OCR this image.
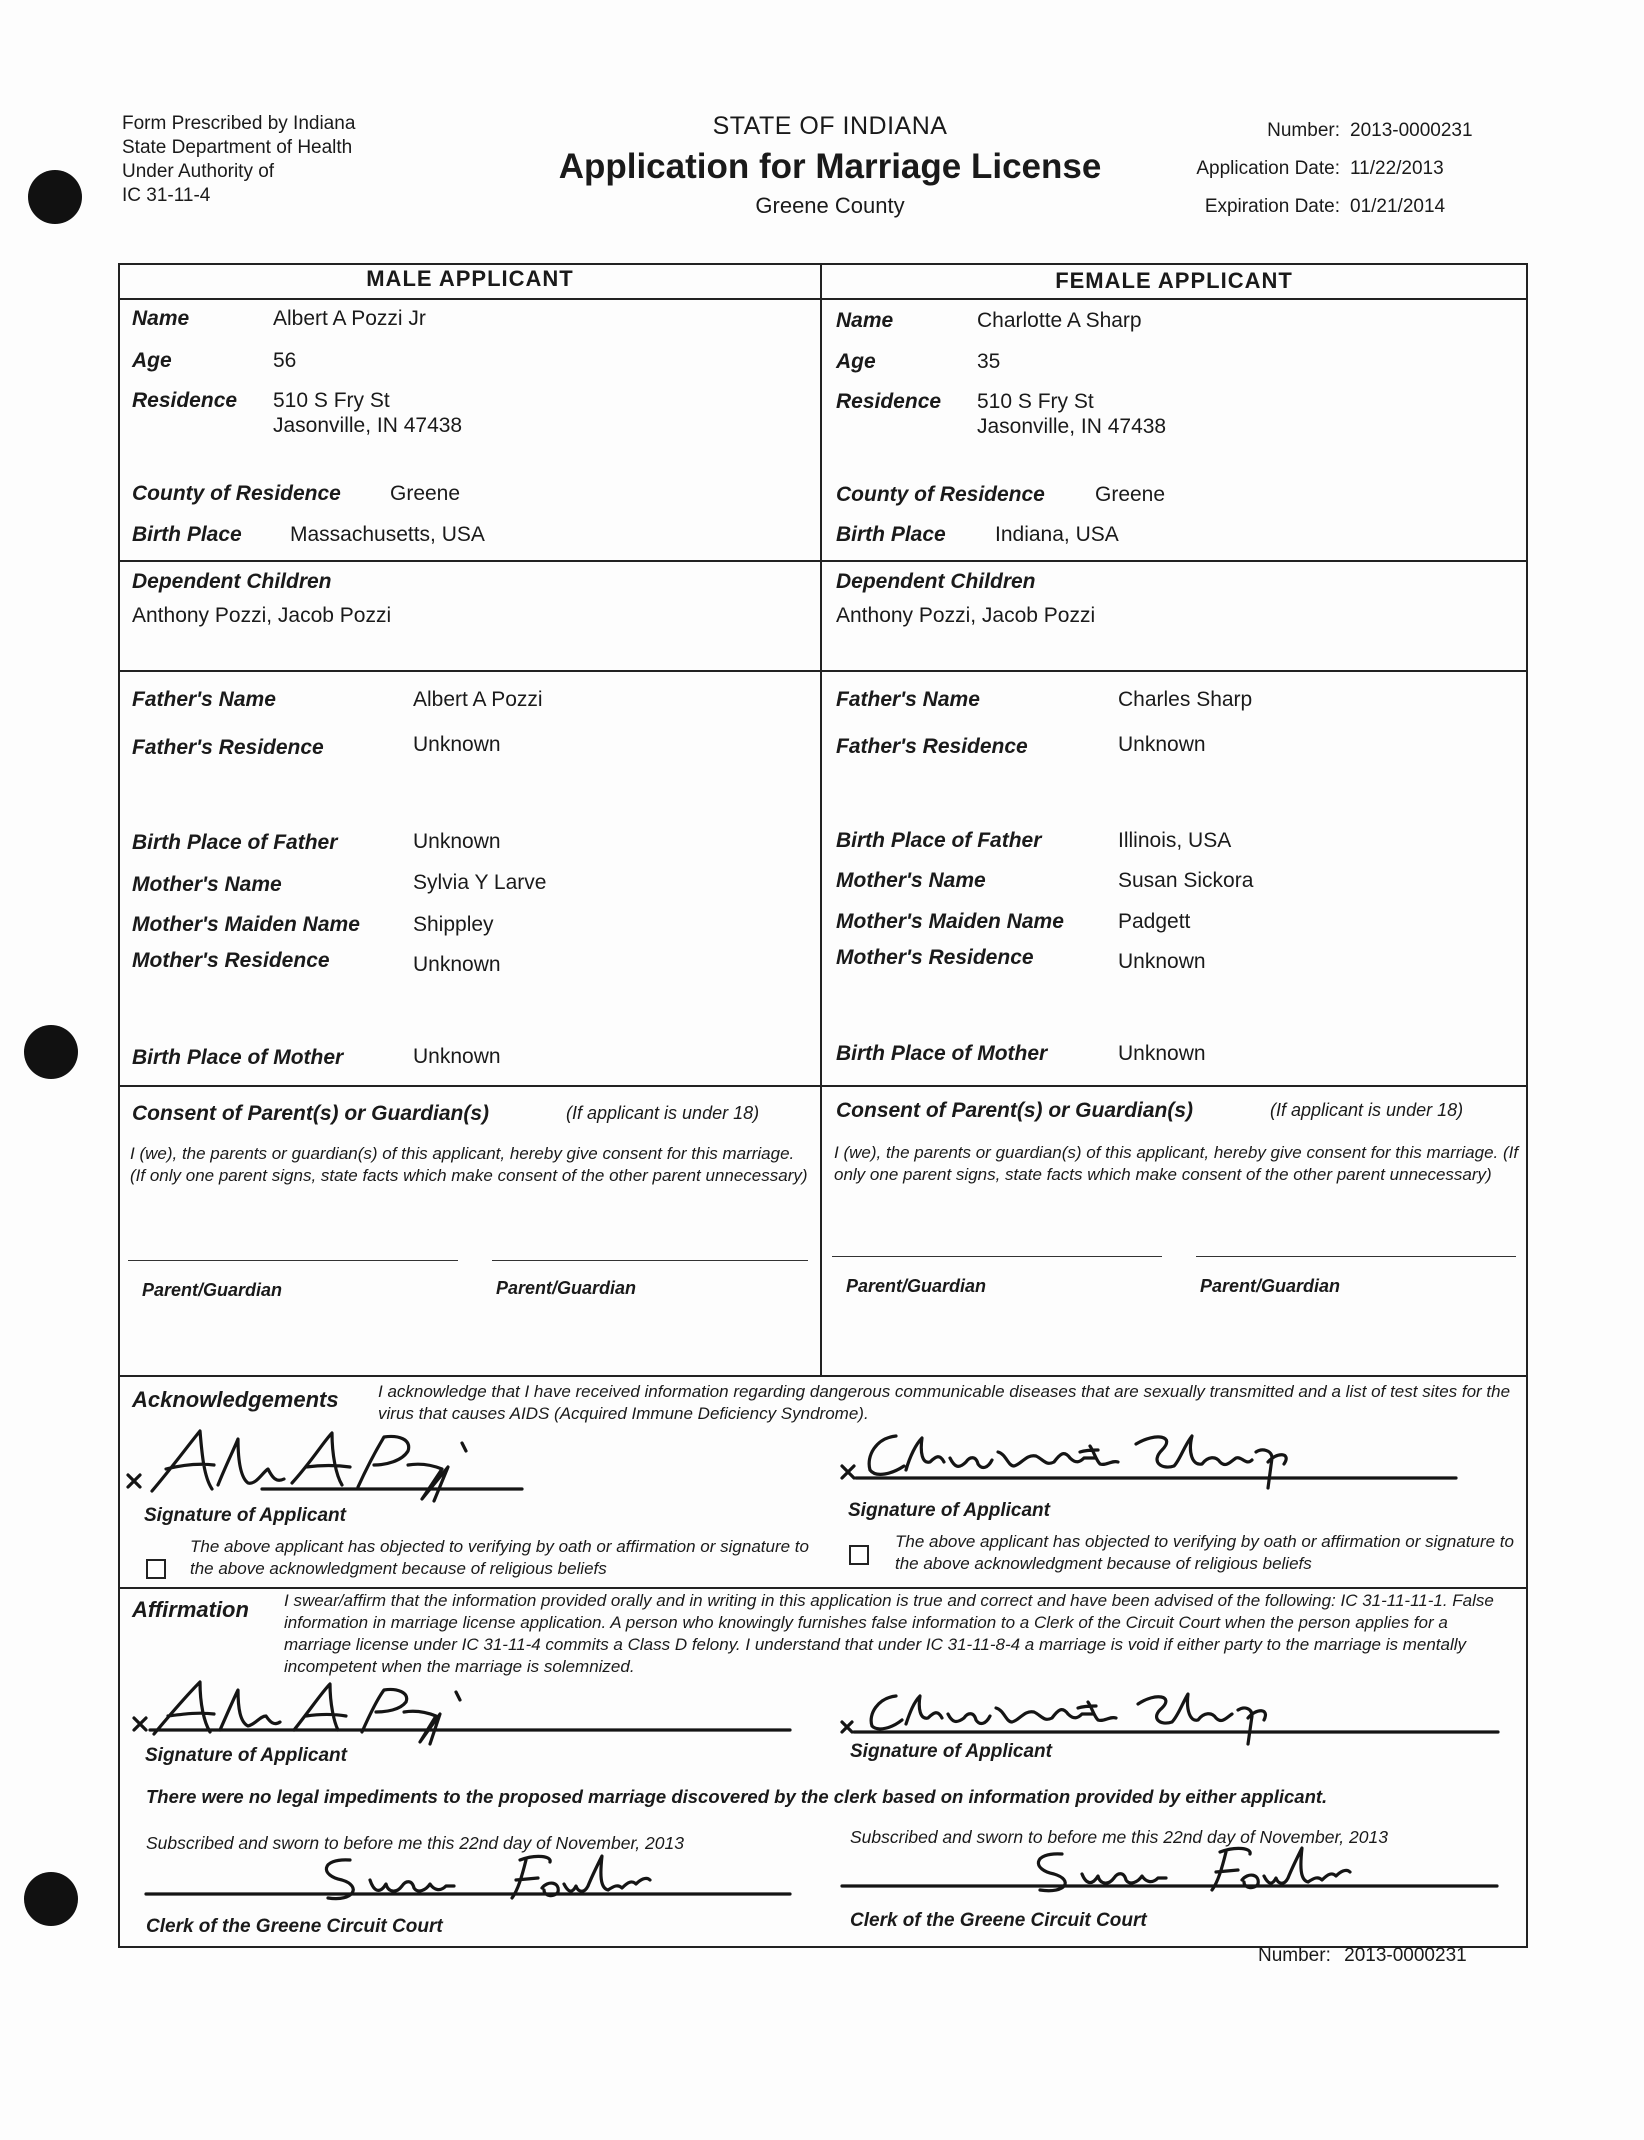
Form Prescribed by Indiana
State Department of Health
Under Authority of
IC 31-11-4
STATE OF INDIANA
Application for Marriage License
Greene County
Number: 2013-0000231
Application Date: 11/22/2013
Expiration Date: 01/21/2014
MALE APPLICANT	FEMALE APPLICANT
Name	Albert A Pozzi Jr
Age	56
Residence 510 S Fry St
Jasonville, IN 47438
County of Residence Greene
Birth Place Massachusetts, USA
Dependent Children
Anthony Pozzi, Jacob Pozzi
Father's Name	Albert A Pozzi
Father's Residence	Unknown
Birth Place of Father	Unknown
Mother's Name	Sylvia Y Larve
Mother's Maiden Name	Shippley
Mother's Residence	Unknown
Birth Place of Mother	Unknown
Name	Charlotte A Sharp
Age	35
Residence 510 S Fry St
Jasonville, IN 47438
County of Residence Greene
Birth Place Indiana, USA
Dependent Children
Anthony Pozzi, Jacob Pozzi
Father's Name	Charles Sharp
Father's Residence	Unknown
Birth Place of Father	Illinois, USA
Mother's Name	Susan Sickora
Mother's Maiden Name	Padgett
Mother's Residence	Unknown
Birth Place of Mother	Unknown
Consent of Parent(s) or Guardian(s)	(If applicant is under 18)
I (we), the parents or guardian(s) of this applicant, hereby give consent for this marriage. (If only one parent signs, state facts which make consent of the other parent unnecessary)
Parent/Guardian	Parent/Guardian
Consent of Parent(s) or Guardian(s)	(If applicant is under 18)
I (we), the parents or guardian(s) of this applicant, hereby give consent for this marriage. (If only one parent signs, state facts which make consent of the other parent unnecessary)
Parent/Guardian	Parent/Guardian
Acknowledgements I acknowledge that I have received information regarding dangerous communicable diseases that are sexually transmitted and a list of test sites for the virus that causes AIDS (Acquired Immune Deficiency Syndrome).
Signature of Applicant	Signature of Applicant
The above applicant has objected to verifying by oath or affirmation or signature to the above acknowledgment because of religious beliefs
The above applicant has objected to verifying by oath or affirmation or signature to the above acknowledgment because of religious beliefs
Affirmation I swear/affirm that the information provided orally and in writing in this application is true and correct and have been advised of the following: IC 31-11-11-1. False information in marriage license application. A person who knowingly furnishes false information to a Clerk of the Circuit Court when the person applies for a marriage license under IC 31-11-4 commits a Class D felony. I understand that under IC 31-11-8-4 a marriage is void if either party to the marriage is mentally incompetent when the marriage is solemnized.
Signature of Applicant	Signature of Applicant
There were no legal impediments to the proposed marriage discovered by the clerk based on information provided by either applicant.
Subscribed and sworn to before me this 22nd day of November, 2013	Subscribed and sworn to before me this 22nd day of November, 2013
Clerk of the Greene Circuit Court	Clerk of the Greene Circuit Court
Number: 2013-0000231
